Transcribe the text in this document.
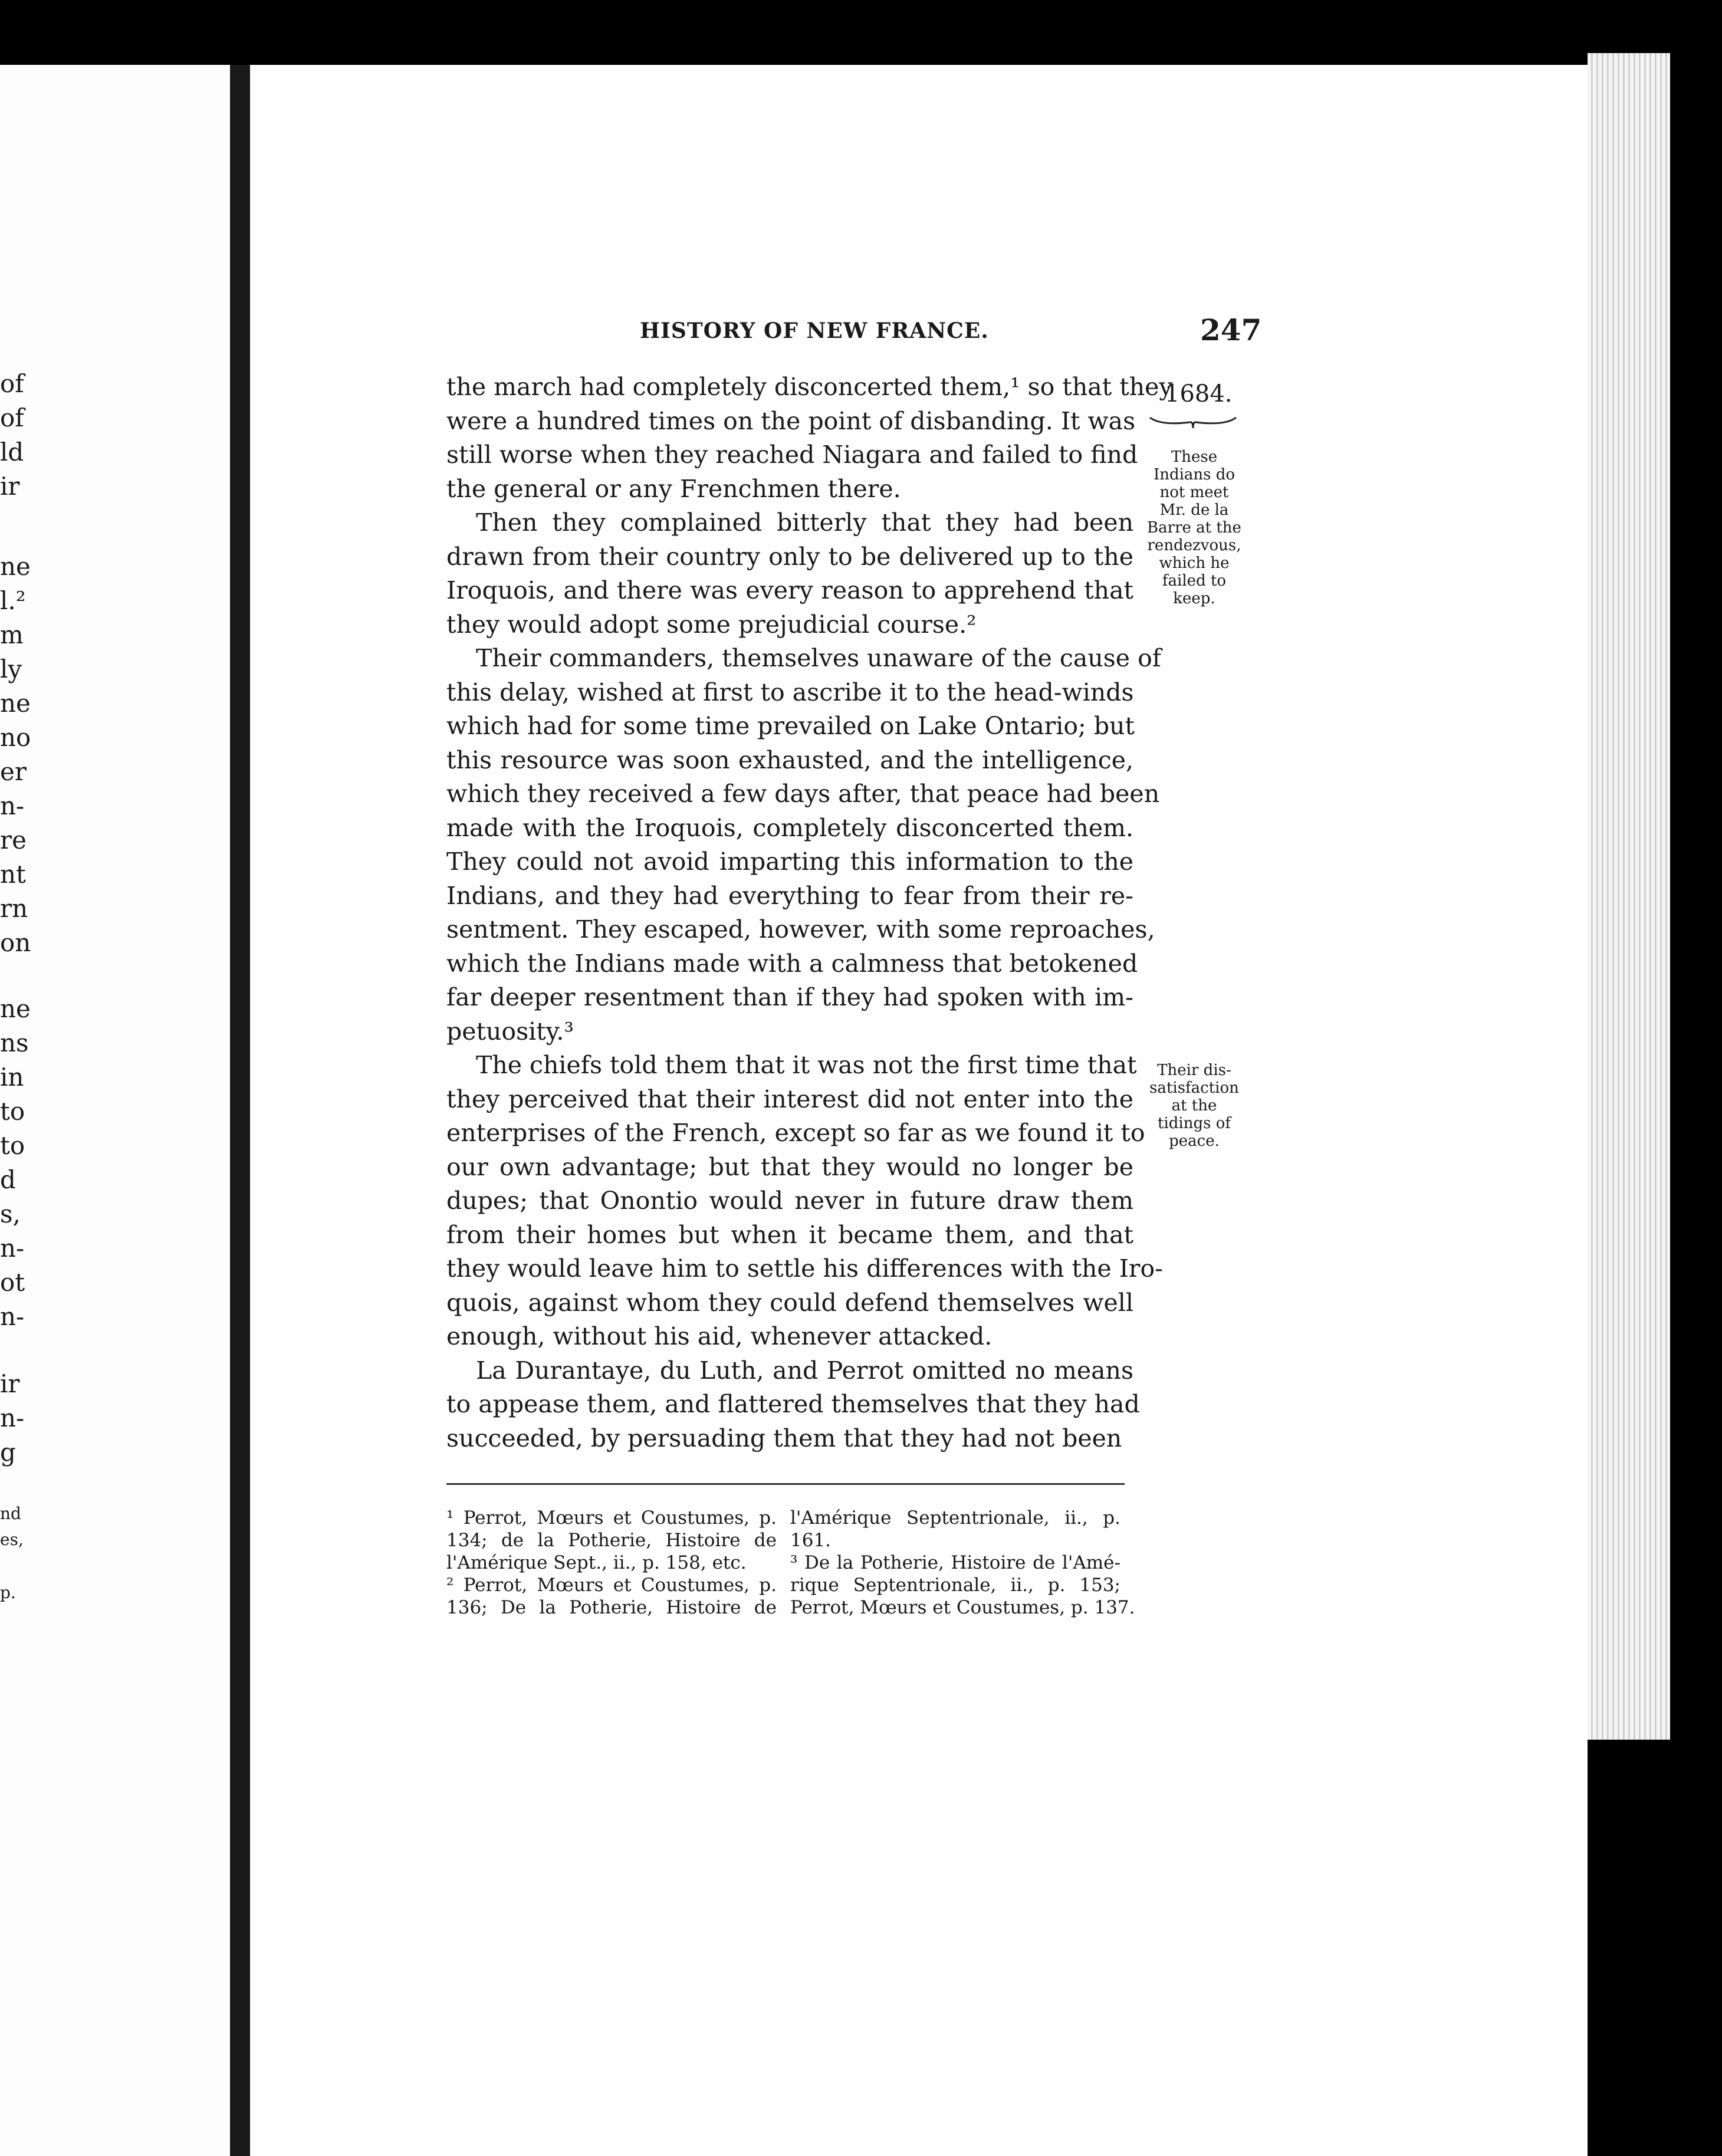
of
of
ld
ir
ne
l.²
m
ly
ne
no
er
n-
re
nt
rn
on
ne
ns
in
to
to
d
s,
n-
ot
n-
ir
n-
g
nd
es,
p.
HISTORY OF NEW FRANCE.	247
1684.
These
Indians do
not meet
Mr. de la
Barre at the
rendezvous,
which he
failed to
keep.
Their dis-
satisfaction
at the
tidings of
peace.
the march had completely disconcerted them,¹ so that they
were a hundred times on the point of disbanding. It was
still worse when they reached Niagara and failed to find
the general or any Frenchmen there.
Then they complained bitterly that they had been
drawn from their country only to be delivered up to the
Iroquois, and there was every reason to apprehend that
they would adopt some prejudicial course.²
Their commanders, themselves unaware of the cause of
this delay, wished at first to ascribe it to the head-winds
which had for some time prevailed on Lake Ontario; but
this resource was soon exhausted, and the intelligence,
which they received a few days after, that peace had been
made with the Iroquois, completely disconcerted them.
They could not avoid imparting this information to the
Indians, and they had everything to fear from their re-
sentment. They escaped, however, with some reproaches,
which the Indians made with a calmness that betokened
far deeper resentment than if they had spoken with im-
petuosity.³
The chiefs told them that it was not the first time that
they perceived that their interest did not enter into the
enterprises of the French, except so far as we found it to
our own advantage; but that they would no longer be
dupes; that Onontio would never in future draw them
from their homes but when it became them, and that
they would leave him to settle his differences with the Iro-
quois, against whom they could defend themselves well
enough, without his aid, whenever attacked.
La Durantaye, du Luth, and Perrot omitted no means
to appease them, and flattered themselves that they had
succeeded, by persuading them that they had not been
¹ Perrot, Mœurs et Coustumes, p.
134; de la Potherie, Histoire de
l'Amérique Sept., ii., p. 158, etc.
² Perrot, Mœurs et Coustumes, p.
136; De la Potherie, Histoire de
l'Amérique Septentrionale, ii., p.
161.
³ De la Potherie, Histoire de l'Amé-
rique Septentrionale, ii., p. 153;
Perrot, Mœurs et Coustumes, p. 137.
